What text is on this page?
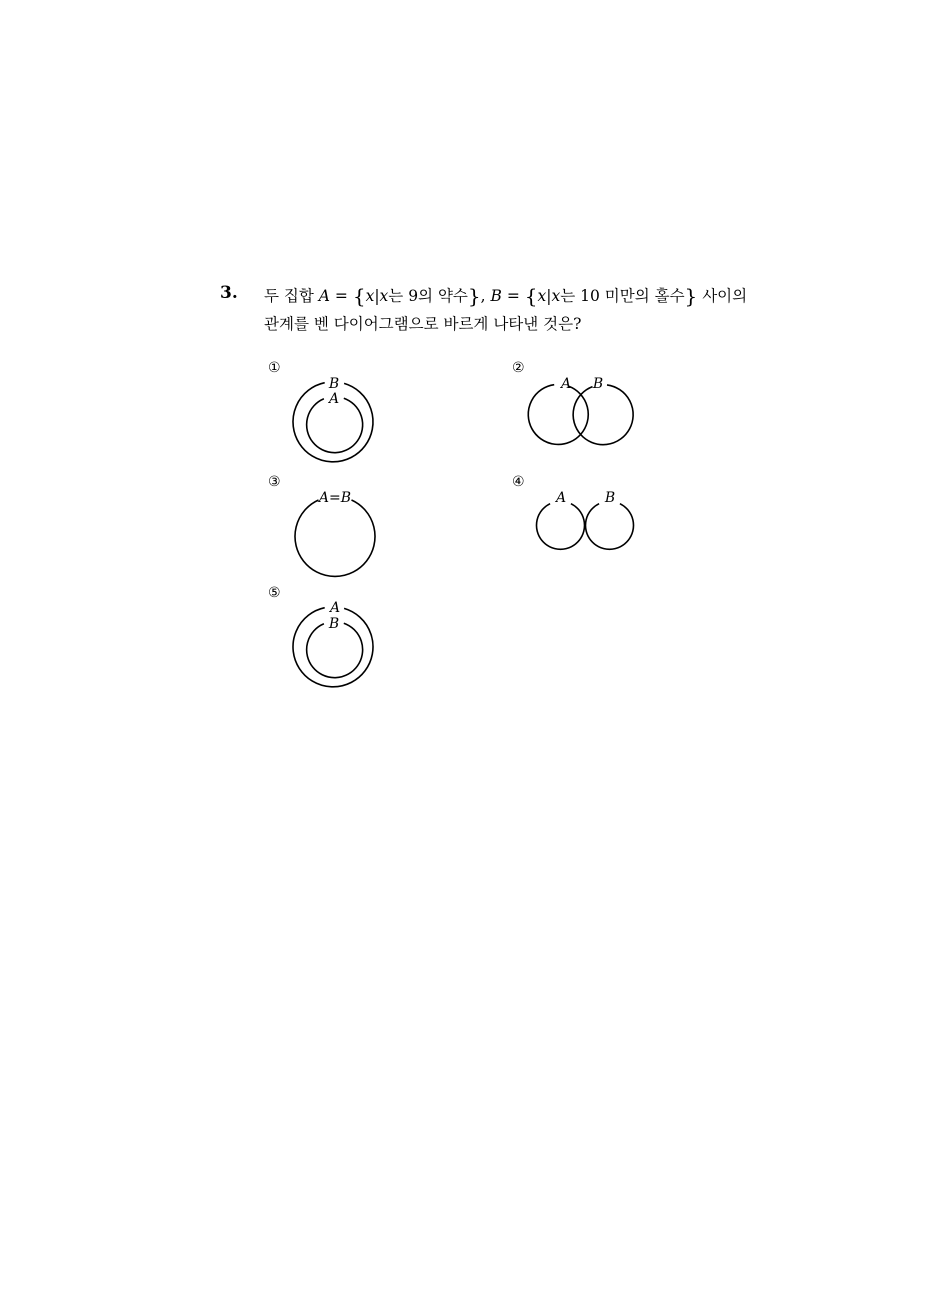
3. 두 집합 A = {x|x는 9의 약수}, B = {x|x는 10 미만의 홀수} 사이의
관계를 벤 다이어그램으로 바르게 나타낸 것은?
①
B
A
②
A B
③
A=B
④
A	B
⑤
A
B
